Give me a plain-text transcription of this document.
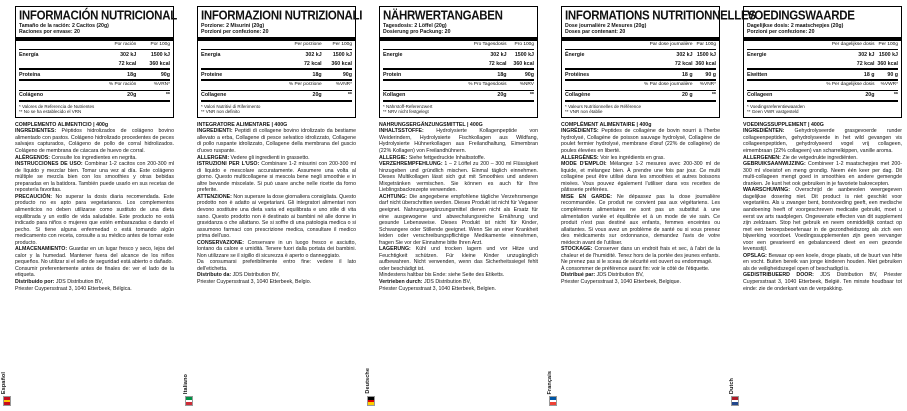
Español
INFORMACIÓN NUTRICIONAL
Tamaño de la ración: 2 Cacitos (20g)
Raciones por envase: 20
	Por ración	Por 100g
Energía	302 kJ	1500 kJ
	72 kcal	360 kcal
Proteína	18g	90g
	% Por ración	%VRN*
Colágeno	20g	**
* Valores de Referencia de Nutrientes
** No se ha establecido el VRN

COMPLEMENTO ALIMENTICIO | 400g

INGREDIENTES: Péptidos hidrolizados de colágeno bovino alimentado con pastos. Colágeno hidrolizado procedentes de peces salvajes capturados, Colágeno de pollo de corral hidrolizados. Colágeno de membrana de cáscara de huevo de corral.

ALÉRGENOS: Consulte los ingredientes en negrita.

INSTRUCCIONES DE USO: Combinar 1-2 cacitos con 200-300 ml de líquido y mezclar bien. Tomar una vez al día. Este colágeno múltiple se mezcla bien con los smoothies y otras bebidas preparadas en la batidora. También puede usarlo en sus recetas de repostería favoritas.

PRECAUCIÓN: No superar la dosis diaria recomendada. Este producto no es apto para vegetarianos. Los complementos alimenticios no deben utilizarse como sustituto de una dieta equilibrada y un estilo de vida saludable. Este producto no está indicado para niños o mujeres que estén embarazadas o dando el pecho. Si tiene alguna enfermedad o está tomando algún medicamento con receta, consulte a su médico antes de tomar este producto.

ALMACENAMIENTO: Guardar en un lugar fresco y seco, lejos del calor y la humedad. Mantener fuera del alcance de los niños pequeños. No utilizar si el sello de seguridad está abierto o dañado.

Consumir preferentemente antes de finales de: ver el lado de la etiqueta.

Distribuido por: JDS Distribution BV,

Priester Cuypersstraat 3, 1040 Etterbeek, Bélgica.

Italiano
INFORMAZIONI NUTRIZIONALI
Porzione: 2 Misurini (20g)
Porzioni per confezione: 20
	Per porzione	Per 100g
Energia	302 kJ	1500 kJ
	72 kcal	360 kcal
Proteine	18g	90g
	% Per porzione	%VNR*
Collagene	20g	**
* Valori Nutritivi di Riferimento
** VNR non definito

INTEGRATORE ALIMENTARE | 400G

INGREDIENTI: Peptidi di collagene bovino idrolizzato da bestiame allevato a erba, Collagene di pesce selvatico idrolizzato, Collagene di pollo ruspante idrolizzato, Collagene della membrana del guscio d'uovo ruspante.

ALLERGENI: Vedere gli ingredienti in grassetto.

ISTRUZIONI PER L'USO: Combinare 1-2 misurini con 200-300 ml di liquido e mescolare accuratamente. Assumere una volta al giorno. Questo multicollagene si mescola bene negli smoothie e in altre bevande miscelate. Si può usare anche nelle ricette da forno preferite.

ATTENZIONE: Non superare la dose giornaliera consigliata. Questo prodotto non è adatto ai vegetariani. Gli integratori alimentari non devono sostituire una dieta varia ed equilibrata e uno stile di vita sano. Questo prodotto non è destinato ai bambini né alle donne in gravidanza o che allattano. Se si soffre di una patologia medica o si assumono farmaci con prescrizione medica, consultare il medico prima dell'uso.

CONSERVAZIONE: Conservare in un luogo fresco e asciutto, lontano da calore e umidità. Tenere fuori dalla portata dei bambini. Non utilizzare se il sigillo di sicurezza è aperto o danneggiato.

Da consumarsi preferibilmente entro fine: vedere il lato dell'etichetta.

Distributo da: JDS Distribution BV,

Priester Cuypersstraat 3, 1040 Etterbeek, Belgio.

Deutsche
NÄHRWERTANGABEN
Tagesdosis: 2 Löffel (20g)
Dosierung pro Packung: 20
	Pro Tagesdosis	Pro 100g
Energie	302 kJ	1500 kJ
	72 kcal	360 kcal
Protein	18g	90g
	% Pro Tagesdosis	%NRV
Kollagen	20g	**
* Nährstoff-Referenzwert
** NRV nicht festgelegt

NAHRUNGSERGÄNZUNGSMITTEL | 400G

INHALTSSTOFFE: Hydrolysierte Kollagenpeptide von Weiderindern, Hydrolysierte Fischkollagen aus Wildfang, Hydrolysierte Hühnerkollagen aus Freilandhaltung, Eimembran (22% Kollagen) von Freilandhühnern.

ALLERGIE: Siehe fettgedruckte Inhaltsstoffe.

VERZEHREMPFEHLUNG: 1 – 2 Löffel zu 200 – 300 ml Flüssigkeit hinzugeben und gründlich mischen. Einmal täglich einnehmen. Dieses Multikollagen lässt sich gut mit Smoothies und anderen Mixgetränken vermischen. Sie können es auch für Ihre Lieblingsbackrezepte verwenden.

ACHTUNG: Die angegebene empfohlene tägliche Verzehrsmenge darf nicht überschritten werden. Dieses Produkt ist nicht für Veganer geeignet. Nahrungsergänzungsmittel dienen nicht als Ersatz für eine ausgewogene und abwechslungsreiche Ernährung und gesunde Lebensweise. Dieses Produkt ist nicht für Kinder, Schwangere oder Stillende geeignet. Wenn Sie an einer Krankheit leiden oder verschreibungspflichtige Medikamente einnehmen, fragen Sie vor der Einnahme bitte Ihren Arzt.

LAGERUNG: Kühl und trocken lagern und vor Hitze und Feuchtigkeit schützen. Für kleine Kinder unzugänglich aufbewahren. Nicht verwenden, wenn das Sicherheitssiegel fehlt oder beschädigt ist.

Mindestens haltbar bis Ende: siehe Seite des Etiketts.

Vertrieben durch: JDS Distribution BV,

Priester Cuypersstraat 3, 1040 Etterbeek, Belgien.

Français
INFORMATIONS NUTRITIONNELLES
Dose journalière 2 Mesures (20g)
Doses par contenant: 20
	Par dose journalière	Par 100g
Énergie	302 kJ	1500 kJ
	72 kcal	360 kcal
Protéines	18 g	90 g
	% Par dose journalière	%VNR*
Collagène	20 g	**
* Valeurs Nutritionnelles de Référence
** VNR non établie

COMPLÉMENT ALIMENTAIRE | 400g

INGRÉDIENTS: Peptides de collagène de bovin nourri à l'herbe hydrolysé, Collagène de poisson sauvage hydrolysé, Collagène de poulet fermier hydrolysé, membrane d'œuf (22% de collagène) de poules élevées en liberté.

ALLERGÈNES: Voir les ingrédients en gras.

MODE D'EMPLOI: Mélangez 1-2 mesures avec 200-300 ml de liquide, et mélangez bien. À prendre une fois par jour. Ce multi collagène peut être utilisé dans les smoothies et autres boissons mixées. Vous pouvez également l'utiliser dans vos recettes de pâtisserie préférées.

MISE EN GARDE: Ne dépassez pas la dose journalière recommandée. Ce produit ne convient pas aux végétariens. Les compléments alimentaires ne sont pas un substitut à une alimentation variée et équilibrée et à un mode de vie sain. Ce produit n'est pas destiné aux enfants, femmes enceintes ou allaitantes. Si vous avez un problème de santé ou si vous prenez des médicaments sur ordonnance, demandez l'avis de votre médecin avant de l'utiliser.

STOCKAGE: Conserver dans un endroit frais et sec, à l'abri de la chaleur et de l'humidité. Tenez hors de la portée des jeunes enfants. Ne prenez pas si le sceau de sécurité est ouvert ou endommagé.

À consommer de préférence avant fin: voir le côté de l'étiquette.

Distribué par: JDS Distribution BV,

Priester Cuypersstraat 3, 1040 Etterbeek, Belgique.

Dutch
VOEDINGSWAARDE
Dagelijkse dosis: 2 maatschepjes (20g)
Porzioni per confezione: 20
	Per dagelijkse dosis	Per 100g
Energie	302 kJ	1500 kJ
	72 kcal	360 kcal
Eiwitten	18 g	90 g
	% Per dagelijkse dosis	%VWR*
Collageen	20g	**
* Voedingsreferentiewaarden
** Geen VWR vastgesteld

VOEDINGSSUPPLEMENT | 400G

INGREDIËNTEN: Gehydrolyseerde grasgevoerde runder collageenpeptiden, gehydrolyseerde in het wild gevangen vis collageenpeptiden, gehydrolyseerd vogel vrij collageen, eimembraan (22% collageen) van scharrelkippen, vanille aroma.

ALLERGENEN: Zie de vetgedrukte ingrediënten.

GEBRUIKSAANWIJZING: Combineer 1-2 maatschepjes met 200-300 ml vloeistof en meng grondig. Neem één keer per dag. Dit multi-collageen mengt goed in smoothies en andere gemengde dranken. Je kunt het ook gebruiken in je favoriete bakrecepten.

WAARSCHUWING: Overschrijd de aanbevolen weergegeven dagelijkse dosering niet. Dit product is niet geschikt voor vegetariërs. Als u zwanger bent, borstvoeding geeft, een medische aandoening heeft of voorgeschreven medicatie gebruikt, moet u eerst uw arts raadplegen. Ongewenste effecten van dit supplement zijn zeldzaam. Stop het gebruik en neem onmiddellijk contact op met een beroepsbeoefenaar in de gezondheidszorg als zich een bijwerking voordoet. Voedingssupplementen zijn geen vervanger voor een gevarieerd en gebalanceerd dieet en een gezonde levensstijl.

OPSLAG: Bewaar op een koele, droge plaats, uit de buurt van hitte en vocht. Buiten bereik van jonge kinderen houden. Niet gebruiken als de veiligheidszegel open of beschadigd is.

GEDISTRIBUEERD DOOR: JDS Distribution BV, Priester Cuypersstraat 3, 1040 Etterbeek, België. Ten minste houdbaar tot einde: zie de onderkant van de verpakking.
